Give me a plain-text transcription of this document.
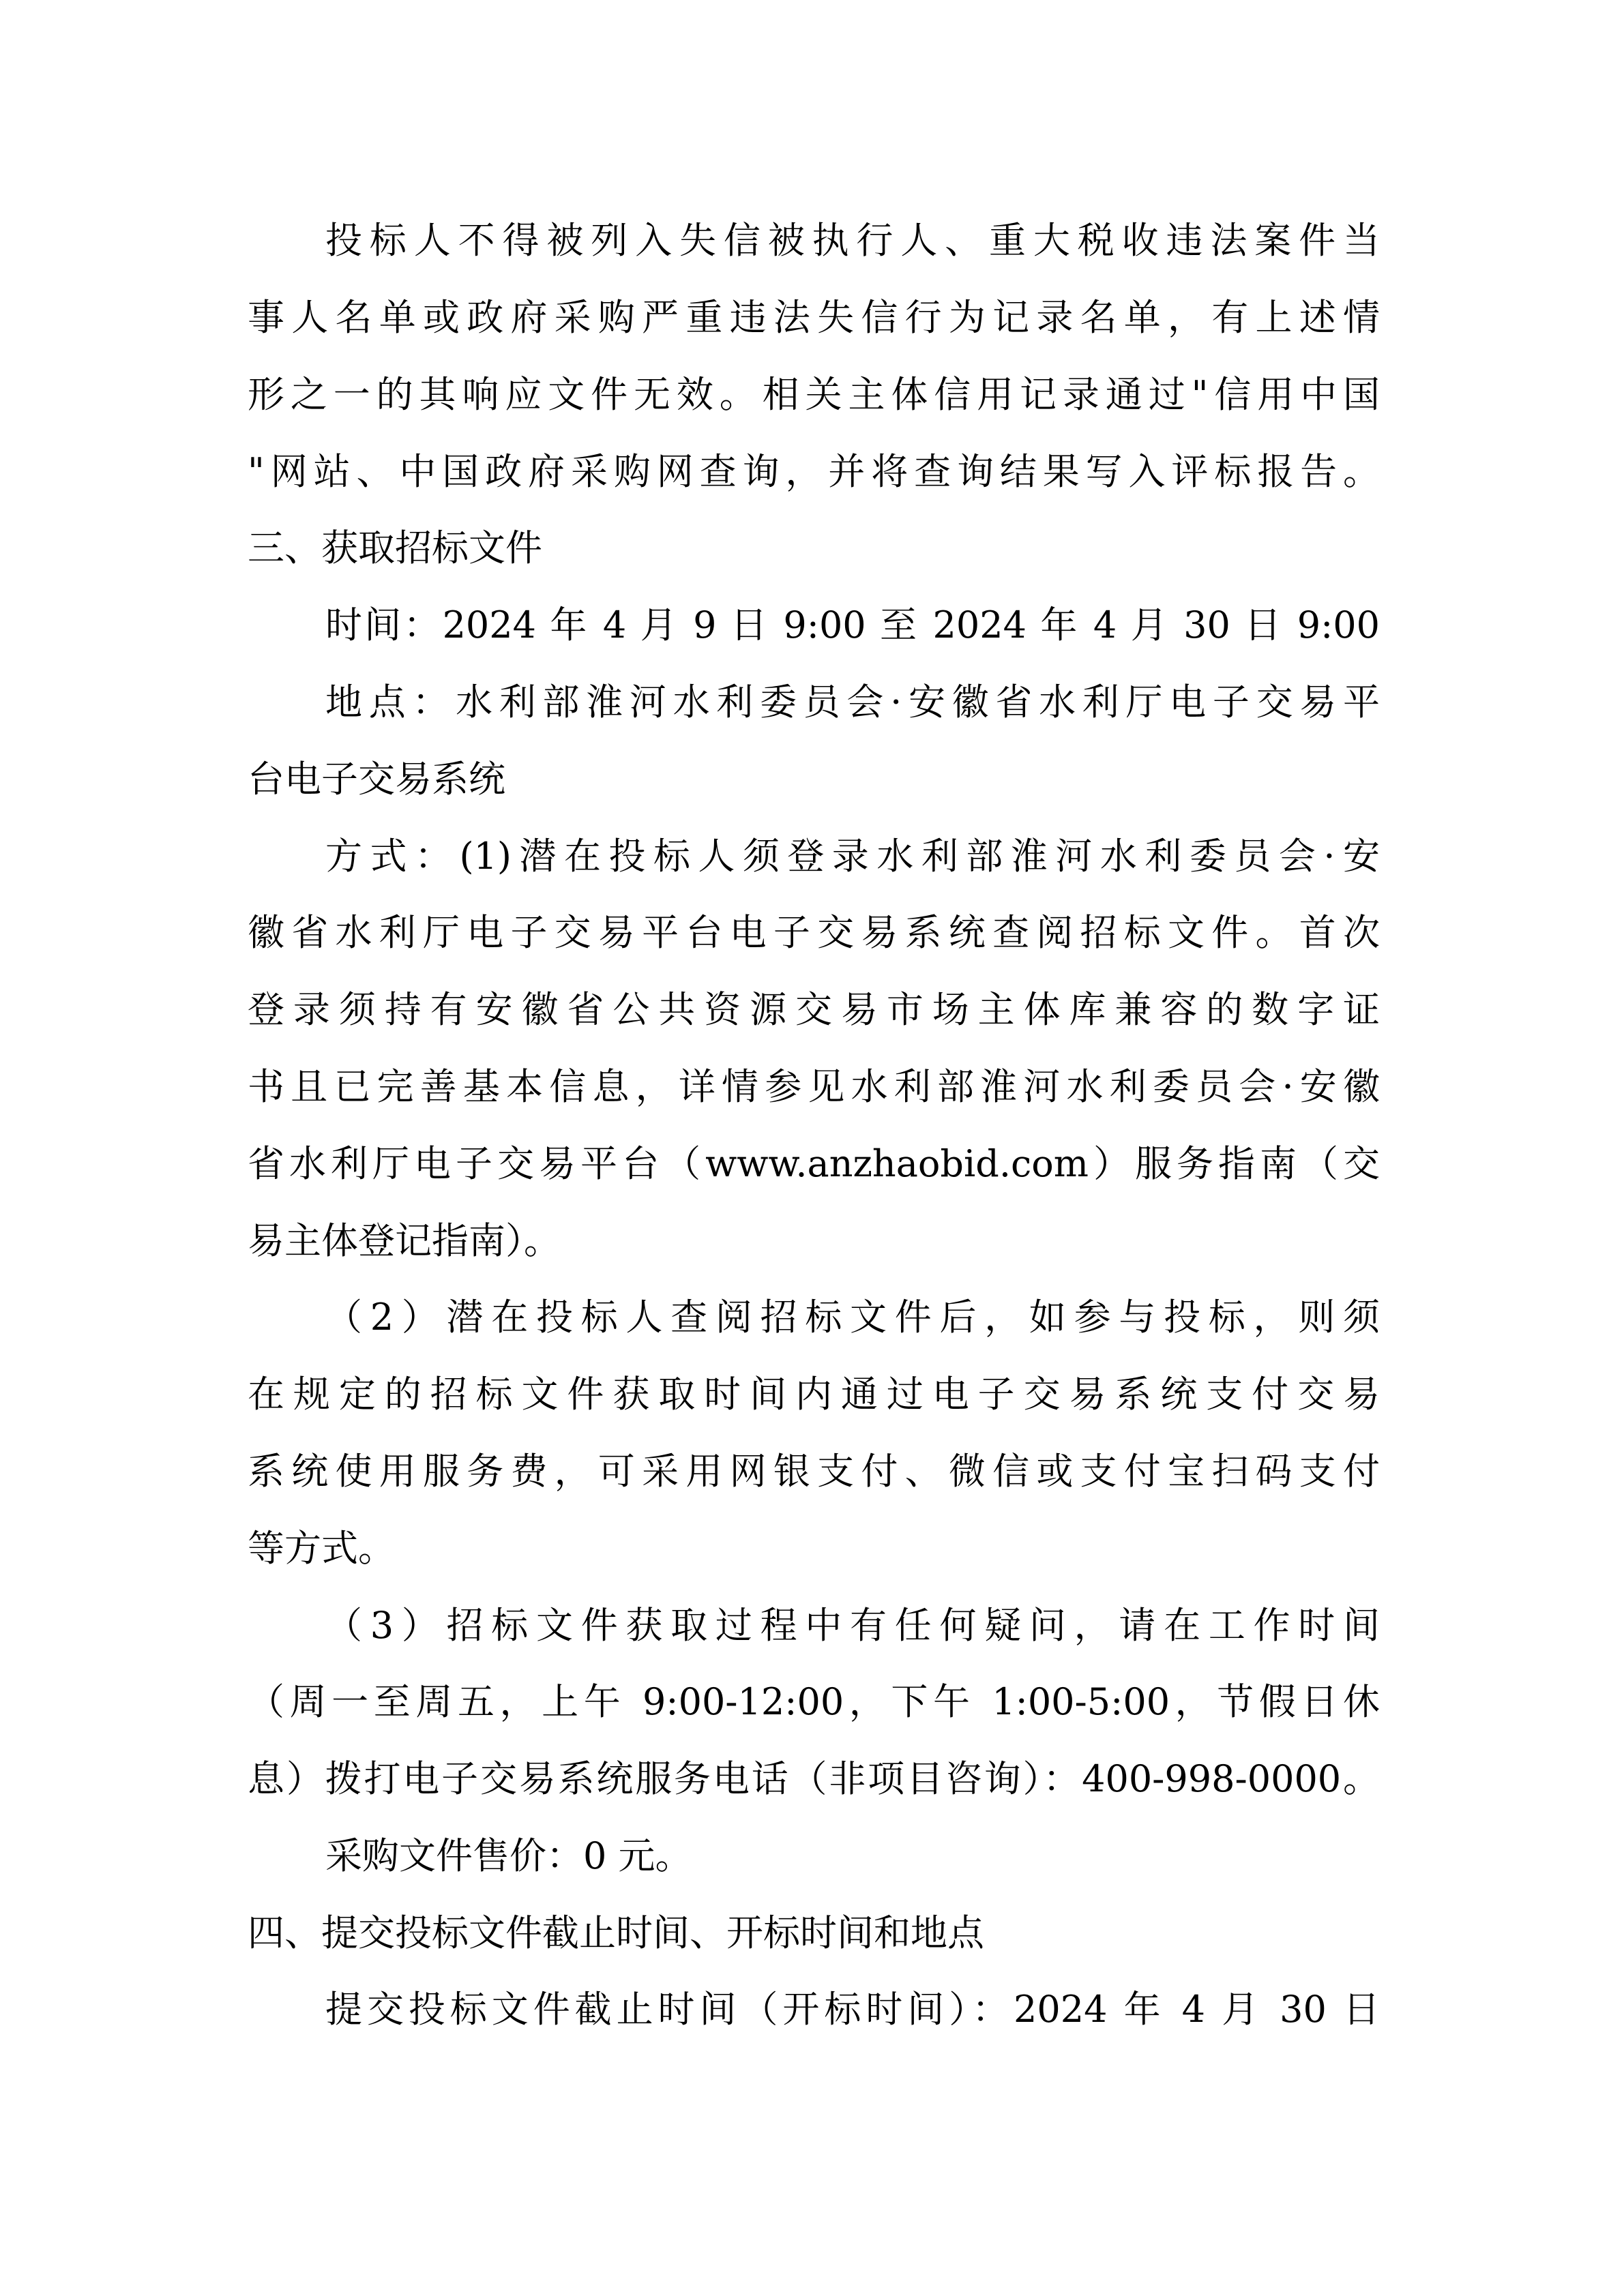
投标人不得被列入失信被执行人、重大税收违法案件当
事人名单或政府采购严重违法失信行为记录名单，有上述情
形之一的其响应文件无效。相关主体信用记录通过"信用中国
"网站、中国政府采购网查询，并将查询结果写入评标报告。
三、获取招标文件
时间：2024 年 4 月 9 日 9:00 至 2024 年 4 月 30 日 9:00
地点：水利部淮河水利委员会·安徽省水利厅电子交易平
台电子交易系统
方式：(1)潜在投标人须登录水利部淮河水利委员会·安
徽省水利厅电子交易平台电子交易系统查阅招标文件。首次
登录须持有安徽省公共资源交易市场主体库兼容的数字证
书且已完善基本信息，详情参见水利部淮河水利委员会·安徽
省水利厅电子交易平台（www.anzhaobid.com）服务指南（交
易主体登记指南）。
（2）潜在投标人查阅招标文件后，如参与投标，则须
在规定的招标文件获取时间内通过电子交易系统支付交易
系统使用服务费，可采用网银支付、微信或支付宝扫码支付
等方式。
（3）招标文件获取过程中有任何疑问，请在工作时间
（周一至周五，上午 9:00-12:00，下午 1:00-5:00，节假日休
息）拨打电子交易系统服务电话（非项目咨询）：400-998-0000。
采购文件售价：0 元。
四、提交投标文件截止时间、开标时间和地点
提交投标文件截止时间（开标时间）：2024 年 4 月 30 日
